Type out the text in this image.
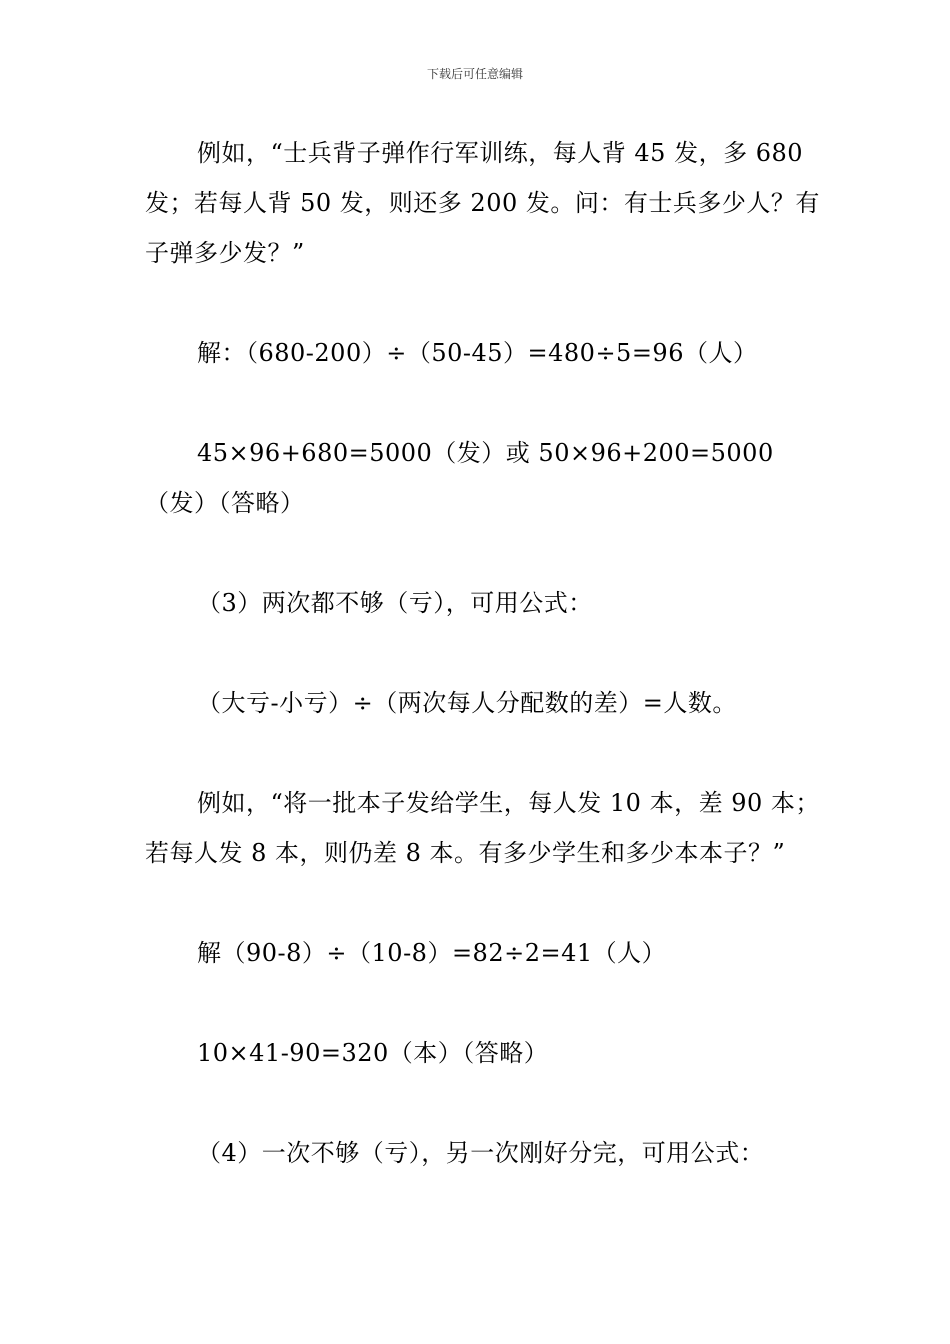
下载后可任意编辑

例如，“士兵背子弹作行军训练，每人背 45 发，多 680 发；若每人背 50 发，则还多 200 发。问：有士兵多少人？有子弹多少发？”

解：（680-200）÷（50-45）=480÷5=96（人）

45×96+680=5000（发）或 50×96+200=5000（发）（答略）

（3）两次都不够（亏），可用公式：

（大亏-小亏）÷（两次每人分配数的差）=人数。

例如，“将一批本子发给学生，每人发 10 本，差 90 本；若每人发 8 本，则仍差 8 本。有多少学生和多少本本子？”

解（90-8）÷（10-8）=82÷2=41（人）

10×41-90=320（本）（答略）

（4）一次不够（亏），另一次刚好分完，可用公式：
